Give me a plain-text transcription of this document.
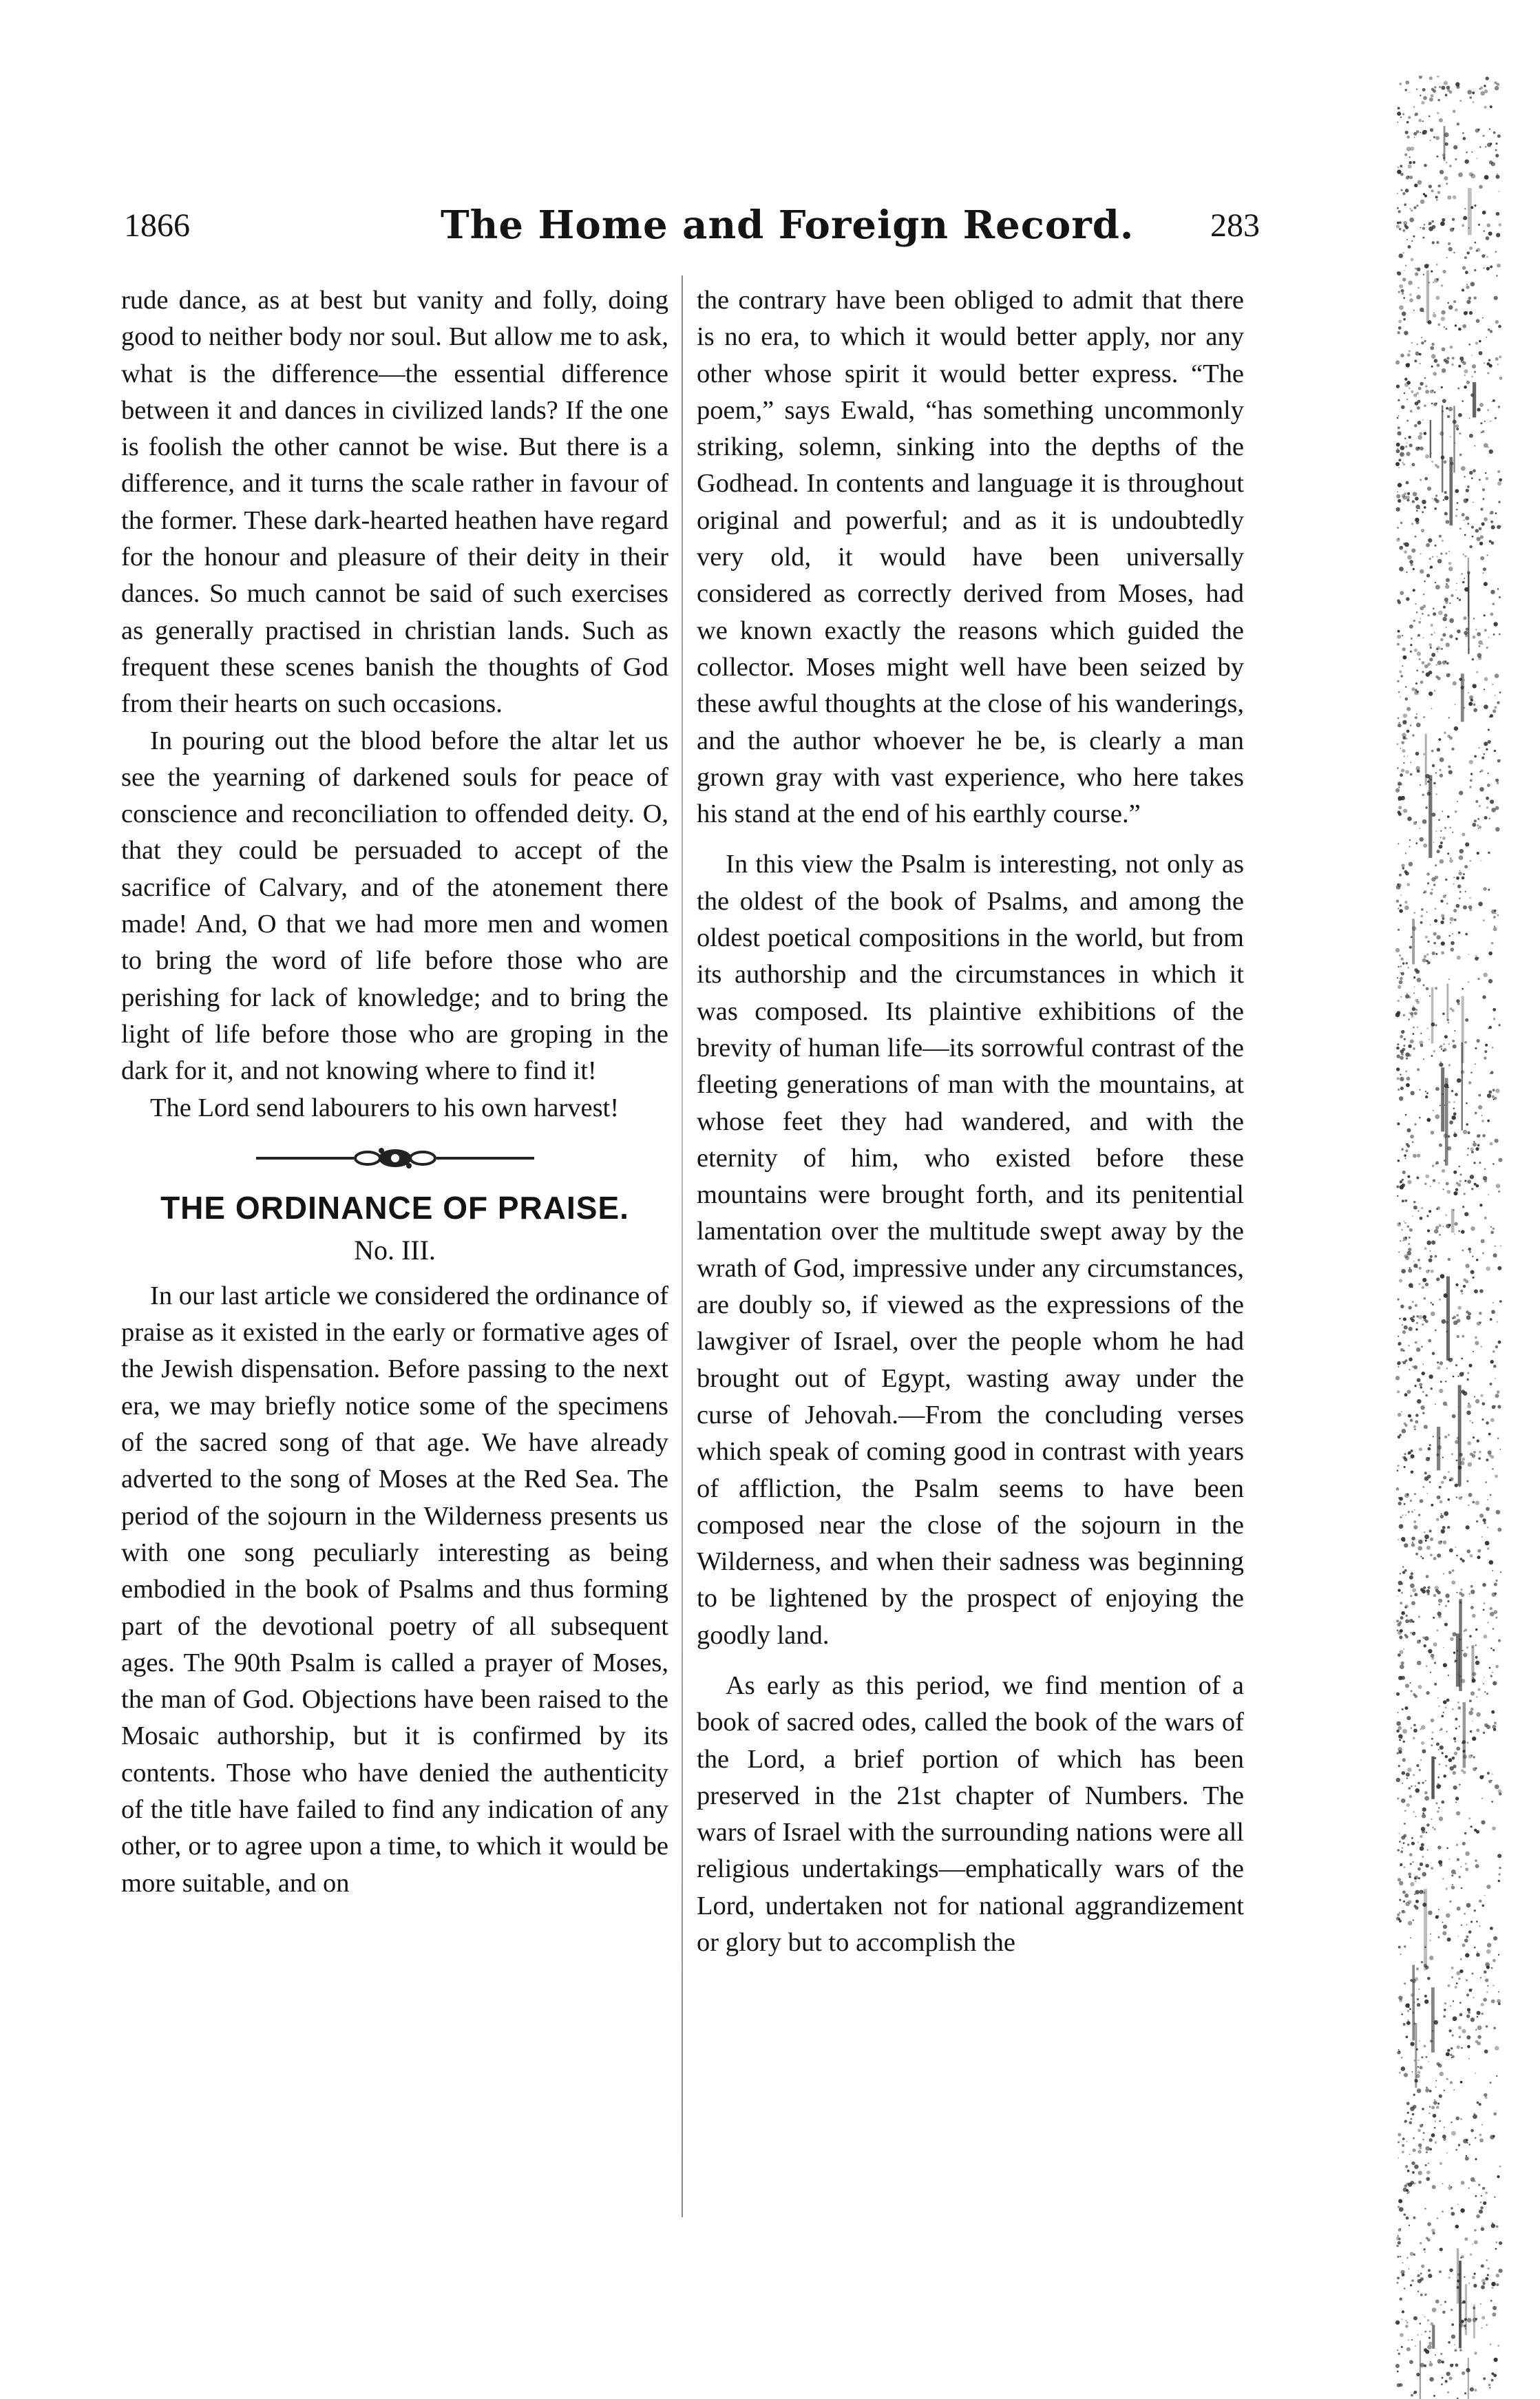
1866	The Home and Foreign Record. 283

rude dance, as at best but vanity and folly, doing good to neither body nor soul. But allow me to ask, what is the difference—the essential difference between it and dances in civilized lands? If the one is foolish the other cannot be wise. But there is a difference, and it turns the scale rather in favour of the former. These dark-hearted heathen have regard for the honour and pleasure of their deity in their dances. So much cannot be said of such exercises as generally practised in christian lands. Such as frequent these scenes banish the thoughts of God from their hearts on such occasions.

In pouring out the blood before the altar let us see the yearning of darkened souls for peace of conscience and reconciliation to offended deity. O, that they could be persuaded to accept of the sacrifice of Calvary, and of the atonement there made! And, O that we had more men and women to bring the word of life before those who are perishing for lack of knowledge; and to bring the light of life before those who are groping in the dark for it, and not knowing where to find it!

The Lord send labourers to his own harvest!

THE ORDINANCE OF PRAISE.
No. III.

In our last article we considered the ordinance of praise as it existed in the early or formative ages of the Jewish dispensation. Before passing to the next era, we may briefly notice some of the specimens of the sacred song of that age. We have already adverted to the song of Moses at the Red Sea. The period of the sojourn in the Wilderness presents us with one song peculiarly interesting as being embodied in the book of Psalms and thus forming part of the devotional poetry of all subsequent ages. The 90th Psalm is called a prayer of Moses, the man of God. Objections have been raised to the Mosaic authorship, but it is confirmed by its contents. Those who have denied the authenticity of the title have failed to find any indication of any other, or to agree upon a time, to which it would be more suitable, and on

the contrary have been obliged to admit that there is no era, to which it would better apply, nor any other whose spirit it would better express. “The poem,” says Ewald, “has something uncommonly striking, solemn, sinking into the depths of the Godhead. In contents and language it is throughout original and powerful; and as it is undoubtedly very old, it would have been universally considered as correctly derived from Moses, had we known exactly the reasons which guided the collector. Moses might well have been seized by these awful thoughts at the close of his wanderings, and the author whoever he be, is clearly a man grown gray with vast experience, who here takes his stand at the end of his earthly course.”

In this view the Psalm is interesting, not only as the oldest of the book of Psalms, and among the oldest poetical compositions in the world, but from its authorship and the circumstances in which it was composed. Its plaintive exhibitions of the brevity of human life—its sorrowful contrast of the fleeting generations of man with the mountains, at whose feet they had wandered, and with the eternity of him, who existed before these mountains were brought forth, and its penitential lamentation over the multitude swept away by the wrath of God, impressive under any circumstances, are doubly so, if viewed as the expressions of the lawgiver of Israel, over the people whom he had brought out of Egypt, wasting away under the curse of Jehovah.—From the concluding verses which speak of coming good in contrast with years of affliction, the Psalm seems to have been composed near the close of the sojourn in the Wilderness, and when their sadness was beginning to be lightened by the prospect of enjoying the goodly land.

As early as this period, we find mention of a book of sacred odes, called the book of the wars of the Lord, a brief portion of which has been preserved in the 21st chapter of Numbers. The wars of Israel with the surrounding nations were all religious undertakings—emphatically wars of the Lord, undertaken not for national aggrandizement or glory but to accomplish the
